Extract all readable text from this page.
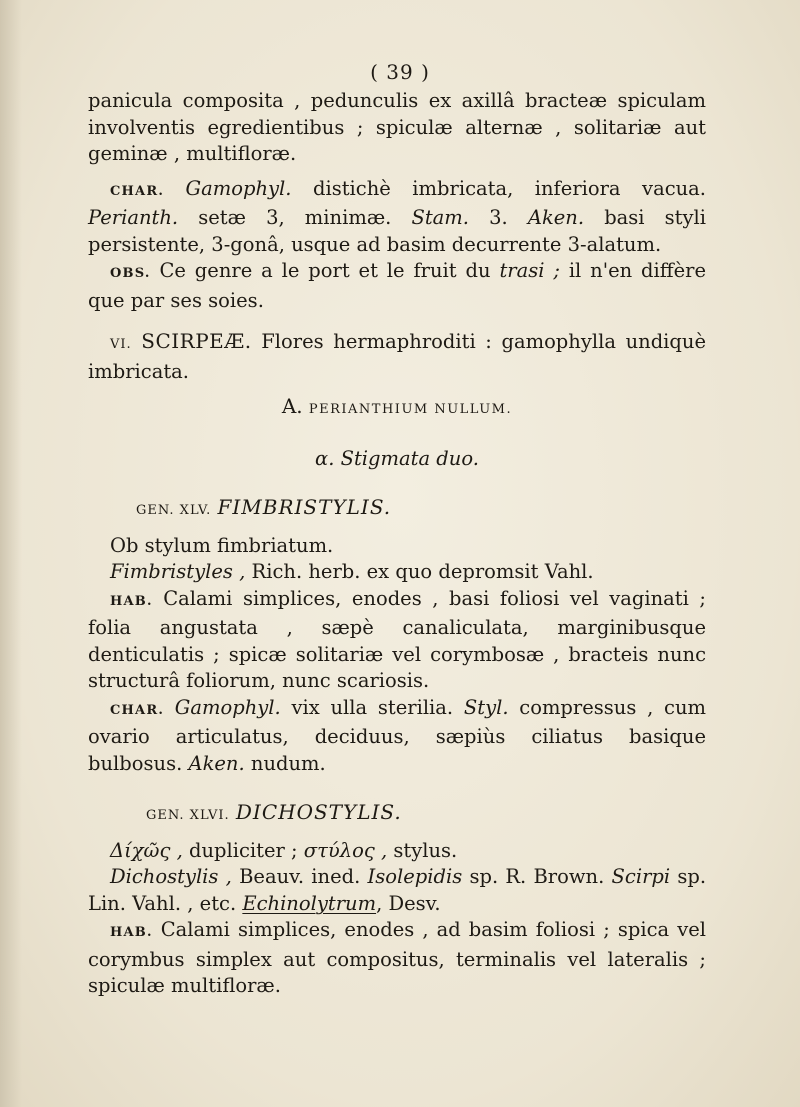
( 39 )

panicula composita , pedunculis ex axillâ bracteæ spiculam involventis egredientibus ; spiculæ alternæ , solitariæ aut geminæ , multifloræ.

CHAR. Gamophyl. distichè imbricata, inferiora vacua. Perianth. setæ 3, minimæ. Stam. 3. Aken. basi styli persistente, 3-gonâ, usque ad basim decurrente 3-alatum.

OBS. Ce genre a le port et le fruit du trasi ; il n'en diffère que par ses soies.

VI. SCIRPEÆ. Flores hermaphroditi : gamophylla undiquè imbricata.

A. PERIANTHIUM NULLUM.

α. Stigmata duo.

GEN. XLV. FIMBRISTYLIS.

Ob stylum fimbriatum.

Fimbristyles , Rich. herb. ex quo depromsit Vahl.

HAB. Calami simplices, enodes , basi foliosi vel vaginati ; folia angustata , sæpè canaliculata, marginibusque denticulatis ; spicæ solitariæ vel corymbosæ , bracteis nunc structurâ foliorum, nunc scariosis.

CHAR. Gamophyl. vix ulla sterilia. Styl. compressus , cum ovario articulatus, deciduus, sæpiùs ciliatus basique bulbosus. Aken. nudum.

GEN. XLVI. DICHOSTYLIS.

Δίχῶς , dupliciter ; στύλος , stylus.

Dichostylis , Beauv. ined. Isolepidis sp. R. Brown. Scirpi sp. Lin. Vahl. , etc. Echinolytrum, Desv.

HAB. Calami simplices, enodes , ad basim foliosi ; spica vel corymbus simplex aut compositus, terminalis vel lateralis ; spiculæ multifloræ.
